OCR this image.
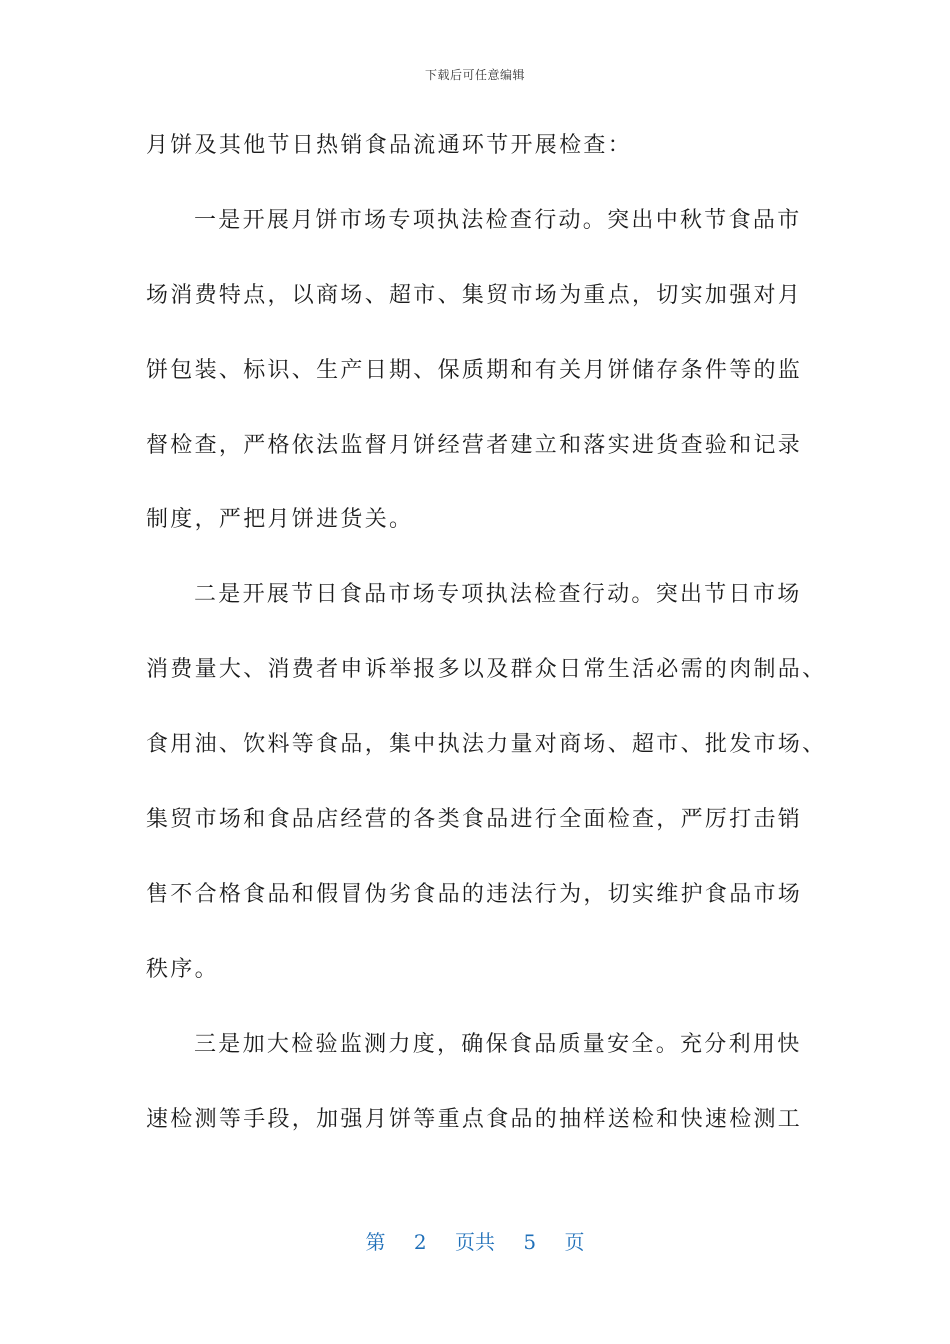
下载后可任意编辑
月饼及其他节日热销食品流通环节开展检查：
一是开展月饼市场专项执法检查行动。突出中秋节食品市
场消费特点，以商场、超市、集贸市场为重点，切实加强对月
饼包装、标识、生产日期、保质期和有关月饼储存条件等的监
督检查，严格依法监督月饼经营者建立和落实进货查验和记录
制度，严把月饼进货关。
二是开展节日食品市场专项执法检查行动。突出节日市场
消费量大、消费者申诉举报多以及群众日常生活必需的肉制品、
食用油、饮料等食品，集中执法力量对商场、超市、批发市场、
集贸市场和食品店经营的各类食品进行全面检查，严厉打击销
售不合格食品和假冒伪劣食品的违法行为，切实维护食品市场
秩序。
三是加大检验监测力度，确保食品质量安全。充分利用快
速检测等手段，加强月饼等重点食品的抽样送检和快速检测工
第 2 页共 5 页
